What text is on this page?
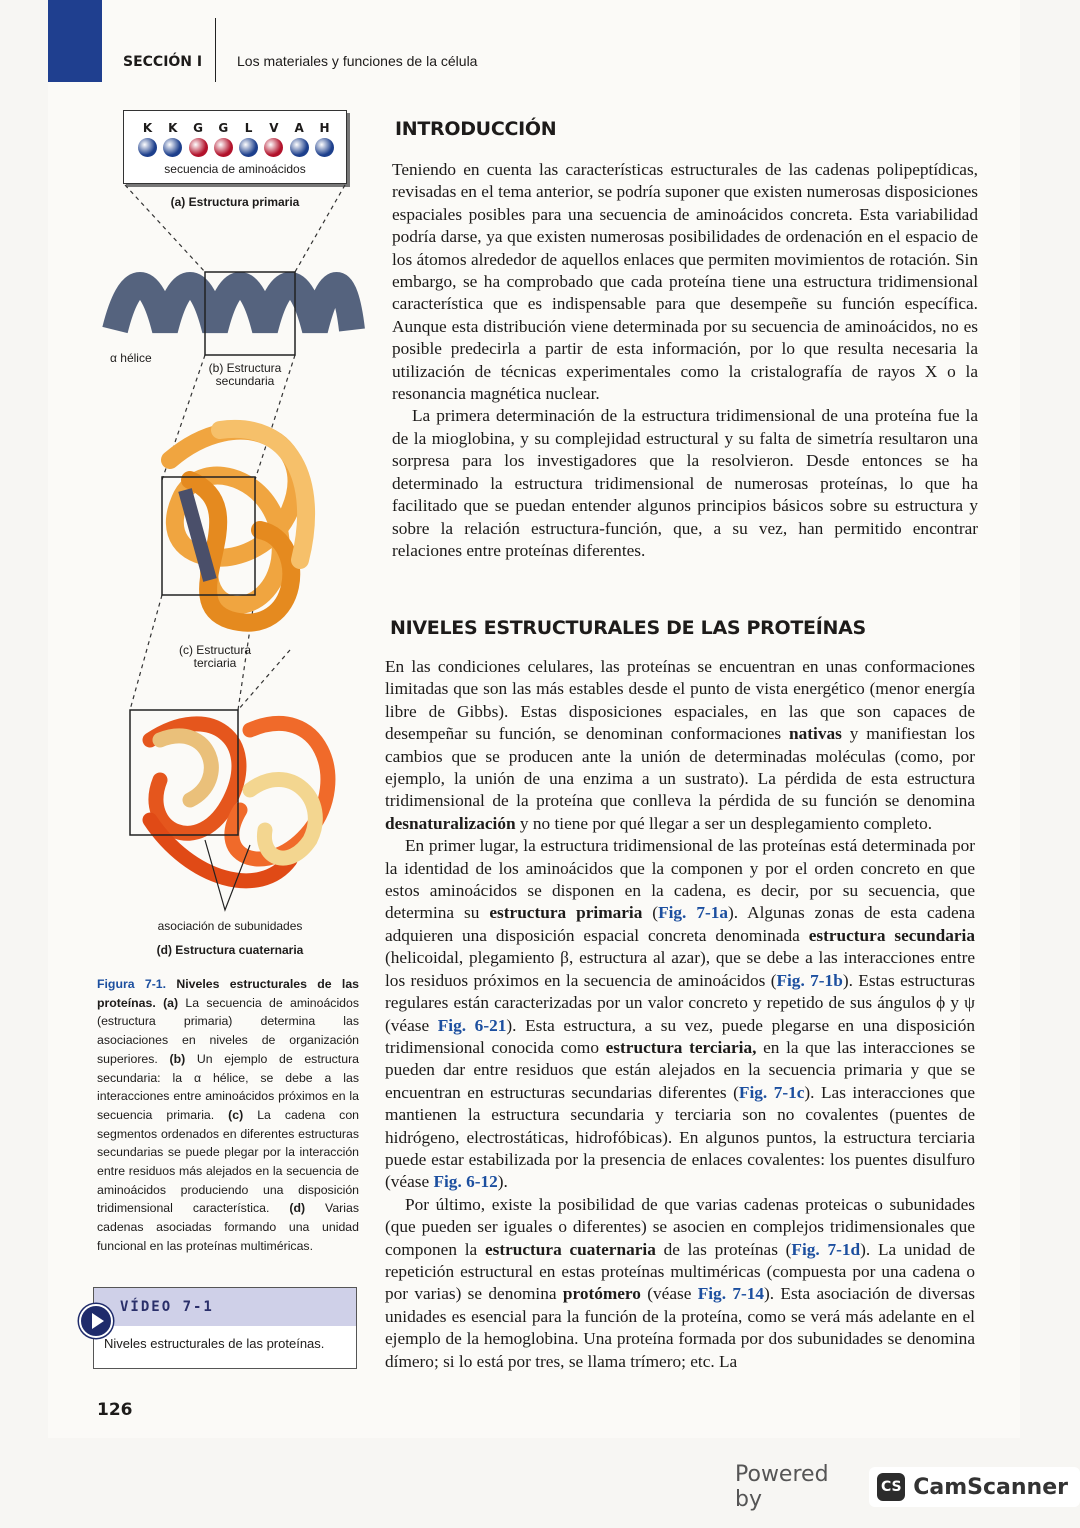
SECCIÓN I Los materiales y funciones de la célula
K	K	G	G	L	V	A	H
secuencia de aminoácidos
(a) Estructura primaria
α hélice
(b) Estructura
secundaria
(c) Estructura
terciaria
asociación de subunidades
(d) Estructura cuaternaria
Figura 7-1. Niveles estructurales de las proteínas. (a) La secuencia de aminoácidos (estructura primaria) determina las asociaciones en niveles de organización superiores. (b) Un ejemplo de estructura secundaria: la α hélice, se debe a las interacciones entre aminoácidos próximos en la secuencia primaria. (c) La cadena con segmentos ordenados en diferentes estructuras secundarias se puede plegar por la interacción entre residuos más alejados en la secuencia de aminoácidos produciendo una disposición tridimensional característica. (d) Varias cadenas asociadas formando una unidad funcional en las proteínas multiméricas.
VÍDEO 7-1
Niveles estructurales de las proteínas.
INTRODUCCIÓN

Teniendo en cuenta las características estructurales de las cadenas polipeptídicas, revisadas en el tema anterior, se podría suponer que existen numerosas disposiciones espaciales posibles para una secuencia de aminoácidos concreta. Esta variabilidad podría darse, ya que existen numerosas posibilidades de ordenación en el espacio de los átomos alrededor de aquellos enlaces que permiten movimientos de rotación. Sin embargo, se ha comprobado que cada proteína tiene una estructura tridimensional característica que es indispensable para que desempeñe su función específica. Aunque esta distribución viene determinada por su secuencia de aminoácidos, no es posible predecirla a partir de esta información, por lo que resulta necesaria la utilización de técnicas experimentales como la cristalografía de rayos X o la resonancia magnética nuclear.

La primera determinación de la estructura tridimensional de una proteína fue la de la mioglobina, y su complejidad estructural y su falta de simetría resultaron una sorpresa para los investigadores que la resolvieron. Desde entonces se ha determinado la estructura tridimensional de numerosas proteínas, lo que ha facilitado que se puedan entender algunos principios básicos sobre su estructura y sobre la relación estructura-función, que, a su vez, han permitido encontrar relaciones entre proteínas diferentes.

NIVELES ESTRUCTURALES DE LAS PROTEÍNAS

En las condiciones celulares, las proteínas se encuentran en unas conformaciones limitadas que son las más estables desde el punto de vista energético (menor energía libre de Gibbs). Estas disposiciones espaciales, en las que son capaces de desempeñar su función, se denominan conformaciones nativas y manifiestan los cambios que se producen ante la unión de determinadas moléculas (como, por ejemplo, la unión de una enzima a un sustrato). La pérdida de esta estructura tridimensional de la proteína que conlleva la pérdida de su función se denomina desnaturalización y no tiene por qué llegar a ser un desplegamiento completo.

En primer lugar, la estructura tridimensional de las proteínas está determinada por la identidad de los aminoácidos que la componen y por el orden concreto en que estos aminoácidos se disponen en la cadena, es decir, por su secuencia, que determina su estructura primaria (Fig. 7-1a). Algunas zonas de esta cadena adquieren una disposición espacial concreta denominada estructura secundaria (helicoidal, plegamiento β, estructura al azar), que se debe a las interacciones entre los residuos próximos en la secuencia de aminoácidos (Fig. 7-1b). Estas estructuras regulares están caracterizadas por un valor concreto y repetido de sus ángulos ϕ y ψ (véase Fig. 6-21). Esta estructura, a su vez, puede plegarse en una disposición tridimensional conocida como estructura terciaria, en la que las interacciones se pueden dar entre residuos que están alejados en la secuencia primaria y que se encuentran en estructuras secundarias diferentes (Fig. 7-1c). Las interacciones que mantienen la estructura secundaria y terciaria son no covalentes (puentes de hidrógeno, electrostáticas, hidrofóbicas). En algunos puntos, la estructura terciaria puede estar estabilizada por la presencia de enlaces covalentes: los puentes disulfuro (véase Fig. 6-12).

Por último, existe la posibilidad de que varias cadenas proteicas o subunidades (que pueden ser iguales o diferentes) se asocien en complejos tridimensionales que componen la estructura cuaternaria de las proteínas (Fig. 7-1d). La unidad de repetición estructural en estas proteínas multiméricas (compuesta por una cadena o por varias) se denomina protómero (véase Fig. 7-14). Esta asociación de diversas unidades es esencial para la función de la proteína, como se verá más adelante en el ejemplo de la hemoglobina. Una proteína formada por dos subunidades se denomina dímero; si lo está por tres, se llama trímero; etc. La

126
Powered by	CS CamScanner
